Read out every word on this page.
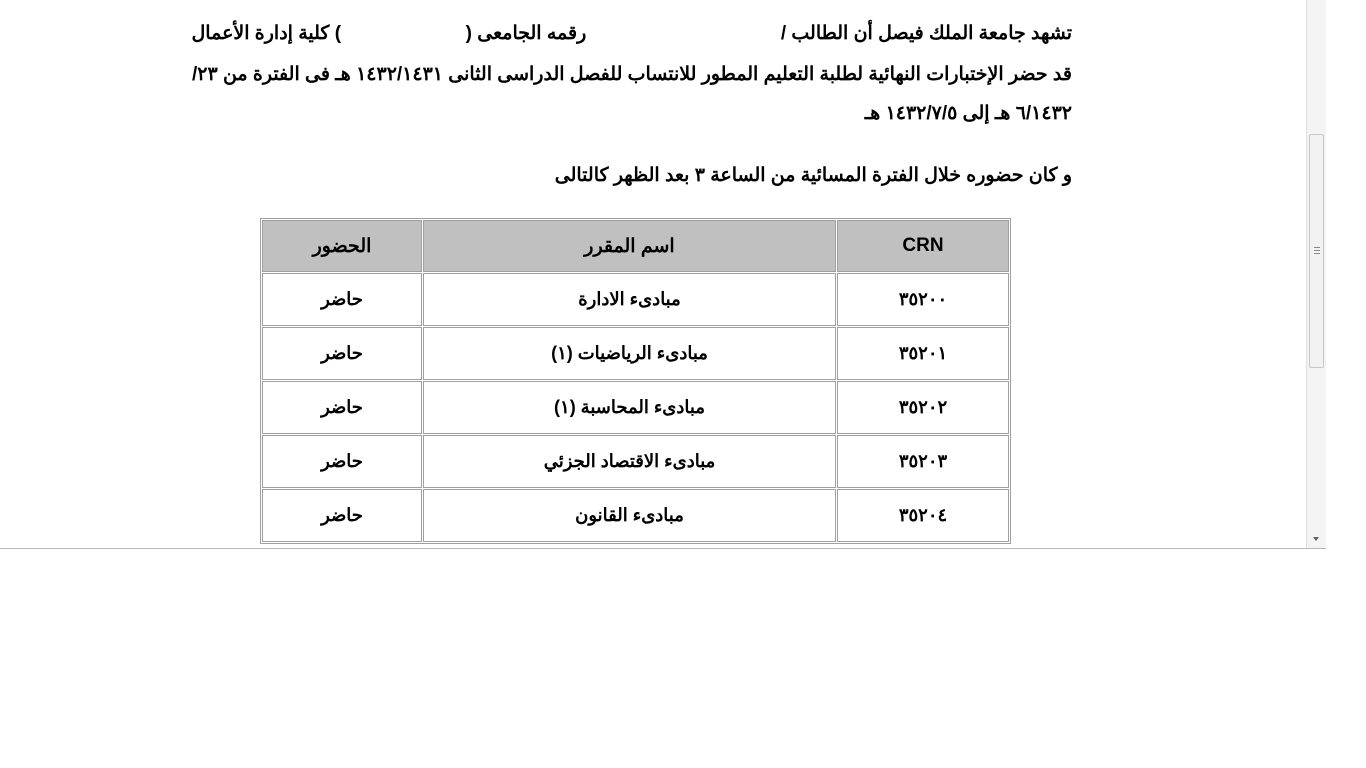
تشهد جامعة الملك فيصل أن الطالب /  رقمه الجامعى (  ) كلية إدارة الأعمال
قد حضر الإختبارات النهائية لطلبة التعليم المطور للانتساب للفصل الدراسى الثانى ١٤٣٢/١٤٣١ هـ فى الفترة من ٢٣/
٦/١٤٣٢ هـ إلى ١٤٣٢/٧/٥ هـ
و كان حضوره خلال الفترة المسائية من الساعة ٣ بعد الظهر كالتالى
الحضور	اسم المقرر	CRN
حاضر	مبادىء الادارة	٣٥٢٠٠
حاضر	مبادىء الرياضيات (١)	٣٥٢٠١
حاضر	مبادىء المحاسبة (١)	٣٥٢٠٢
حاضر	مبادىء الاقتصاد الجزئي	٣٥٢٠٣
حاضر	مبادىء القانون	٣٥٢٠٤
